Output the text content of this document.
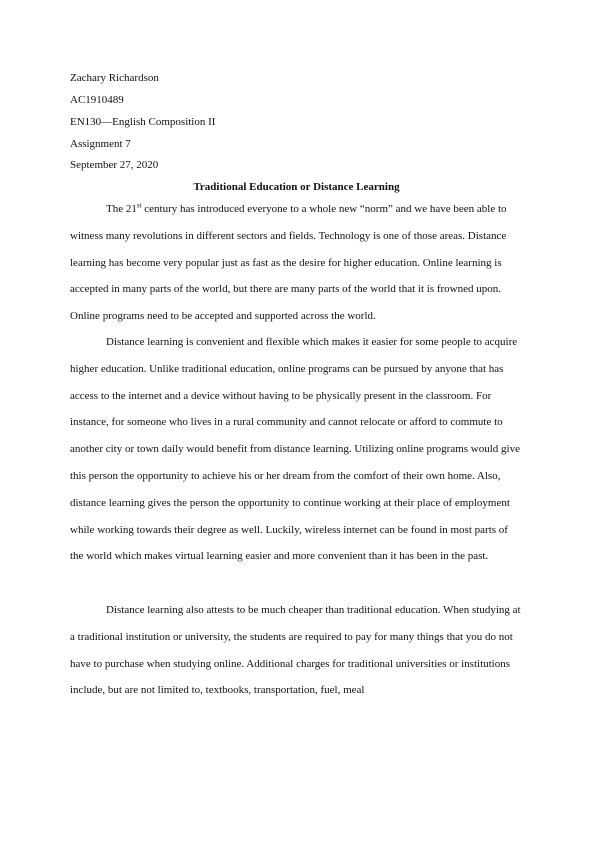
Zachary Richardson
AC1910489
EN130—English Composition II
Assignment 7
September 27, 2020
Traditional Education or Distance Learning

The 21st century has introduced everyone to a whole new “norm” and we have been able to witness many revolutions in different sectors and fields. Technology is one of those areas. Distance learning has become very popular just as fast as the desire for higher education. Online learning is accepted in many parts of the world, but there are many parts of the world that it is frowned upon. Online programs need to be accepted and supported across the world.

Distance learning is convenient and flexible which makes it easier for some people to acquire higher education. Unlike traditional education, online programs can be pursued by anyone that has access to the internet and a device without having to be physically present in the classroom. For instance, for someone who lives in a rural community and cannot relocate or afford to commute to another city or town daily would benefit from distance learning. Utilizing online programs would give this person the opportunity to achieve his or her dream from the comfort of their own home. Also, distance learning gives the person the opportunity to continue working at their place of employment while working towards their degree as well. Luckily, wireless internet can be found in most parts of the world which makes virtual learning easier and more convenient than it has been in the past.

Distance learning also attests to be much cheaper than traditional education. When studying at a traditional institution or university, the students are required to pay for many things that you do not have to purchase when studying online. Additional charges for traditional universities or institutions include, but are not limited to, textbooks, transportation, fuel, meal
